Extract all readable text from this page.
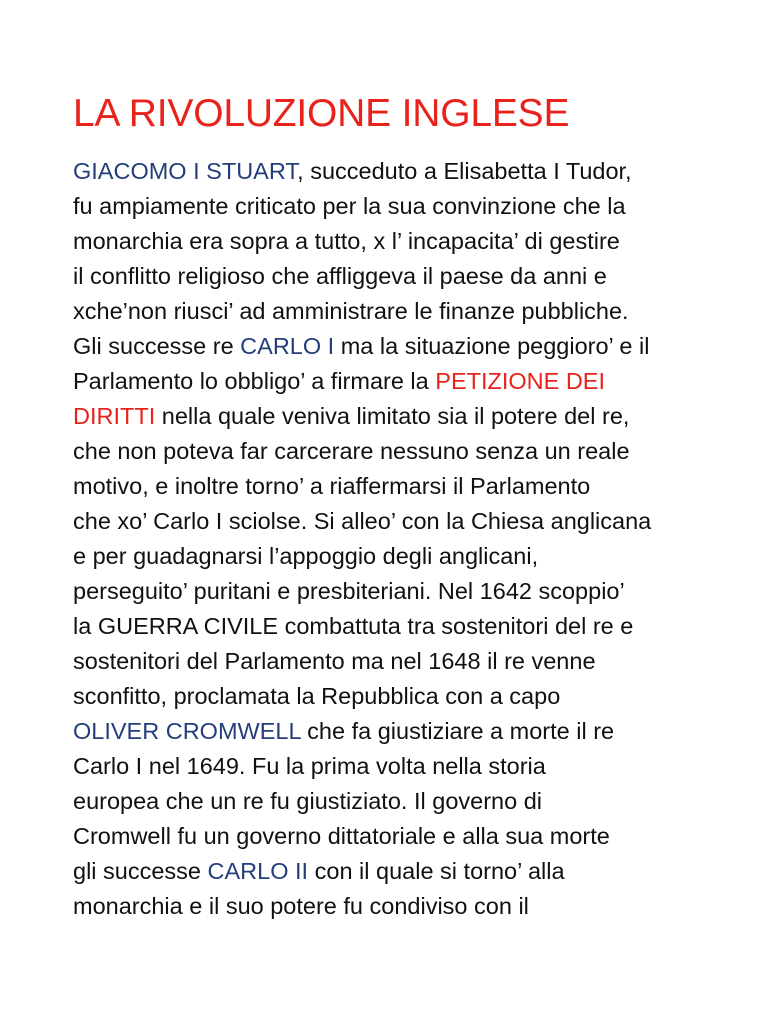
LA RIVOLUZIONE INGLESE
GIACOMO I STUART, succeduto a Elisabetta I Tudor,
fu ampiamente criticato per la sua convinzione che la
monarchia era sopra a tutto, x l’ incapacita’ di gestire
il conflitto religioso che affliggeva il paese da anni e
xche’non riusci’ ad amministrare le finanze pubbliche.
Gli successe re CARLO I ma la situazione peggioro’ e il
Parlamento lo obbligo’ a firmare la PETIZIONE DEI
DIRITTI nella quale veniva limitato sia il potere del re,
che non poteva far carcerare nessuno senza un reale
motivo, e inoltre torno’ a riaffermarsi il Parlamento
che xo’ Carlo I sciolse. Si alleo’ con la Chiesa anglicana
e per guadagnarsi l’appoggio degli anglicani,
perseguito’ puritani e presbiteriani. Nel 1642 scoppio’
la GUERRA CIVILE combattuta tra sostenitori del re e
sostenitori del Parlamento ma nel 1648 il re venne
sconfitto, proclamata la Repubblica con a capo
OLIVER CROMWELL che fa giustiziare a morte il re
Carlo I nel 1649. Fu la prima volta nella storia
europea che un re fu giustiziato. Il governo di
Cromwell fu un governo dittatoriale e alla sua morte
gli successe CARLO II con il quale si torno’ alla
monarchia e il suo potere fu condiviso con il
